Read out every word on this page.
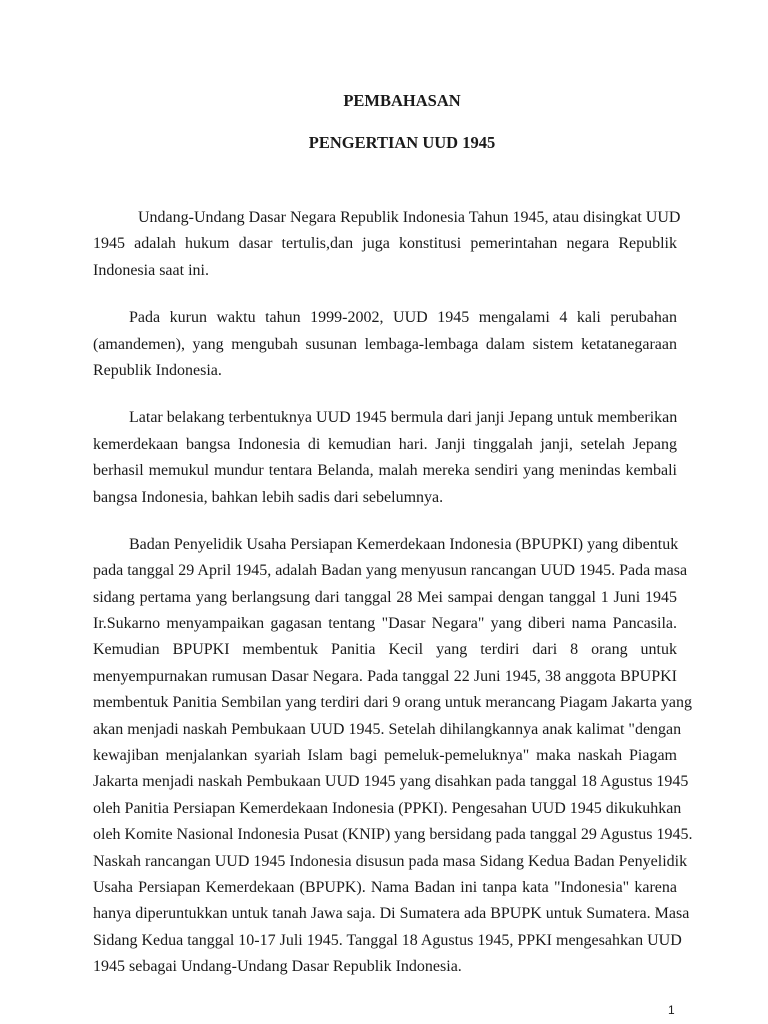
PEMBAHASAN
PENGERTIAN UUD 1945
Undang-Undang Dasar Negara Republik Indonesia Tahun 1945, atau disingkat UUD
1945 adalah hukum dasar tertulis,dan juga konstitusi pemerintahan negara Republik
Indonesia saat ini.
Pada kurun waktu tahun 1999-2002, UUD 1945 mengalami 4 kali perubahan
(amandemen), yang mengubah susunan lembaga-lembaga dalam sistem ketatanegaraan
Republik Indonesia.
Latar belakang terbentuknya UUD 1945 bermula dari janji Jepang untuk memberikan
kemerdekaan bangsa Indonesia di kemudian hari. Janji tinggalah janji, setelah Jepang
berhasil memukul mundur tentara Belanda, malah mereka sendiri yang menindas kembali
bangsa Indonesia, bahkan lebih sadis dari sebelumnya.
Badan Penyelidik Usaha Persiapan Kemerdekaan Indonesia (BPUPKI) yang dibentuk
pada tanggal 29 April 1945, adalah Badan yang menyusun rancangan UUD 1945. Pada masa
sidang pertama yang berlangsung dari tanggal 28 Mei sampai dengan tanggal 1 Juni 1945
Ir.Sukarno menyampaikan gagasan tentang "Dasar Negara" yang diberi nama Pancasila.
Kemudian BPUPKI membentuk Panitia Kecil yang terdiri dari 8 orang untuk
menyempurnakan rumusan Dasar Negara. Pada tanggal 22 Juni 1945, 38 anggota BPUPKI
membentuk Panitia Sembilan yang terdiri dari 9 orang untuk merancang Piagam Jakarta yang
akan menjadi naskah Pembukaan UUD 1945. Setelah dihilangkannya anak kalimat "dengan
kewajiban menjalankan syariah Islam bagi pemeluk-pemeluknya" maka naskah Piagam
Jakarta menjadi naskah Pembukaan UUD 1945 yang disahkan pada tanggal 18 Agustus 1945
oleh Panitia Persiapan Kemerdekaan Indonesia (PPKI). Pengesahan UUD 1945 dikukuhkan
oleh Komite Nasional Indonesia Pusat (KNIP) yang bersidang pada tanggal 29 Agustus 1945.
Naskah rancangan UUD 1945 Indonesia disusun pada masa Sidang Kedua Badan Penyelidik
Usaha Persiapan Kemerdekaan (BPUPK). Nama Badan ini tanpa kata "Indonesia" karena
hanya diperuntukkan untuk tanah Jawa saja. Di Sumatera ada BPUPK untuk Sumatera. Masa
Sidang Kedua tanggal 10-17 Juli 1945. Tanggal 18 Agustus 1945, PPKI mengesahkan UUD
1945 sebagai Undang-Undang Dasar Republik Indonesia.
1
